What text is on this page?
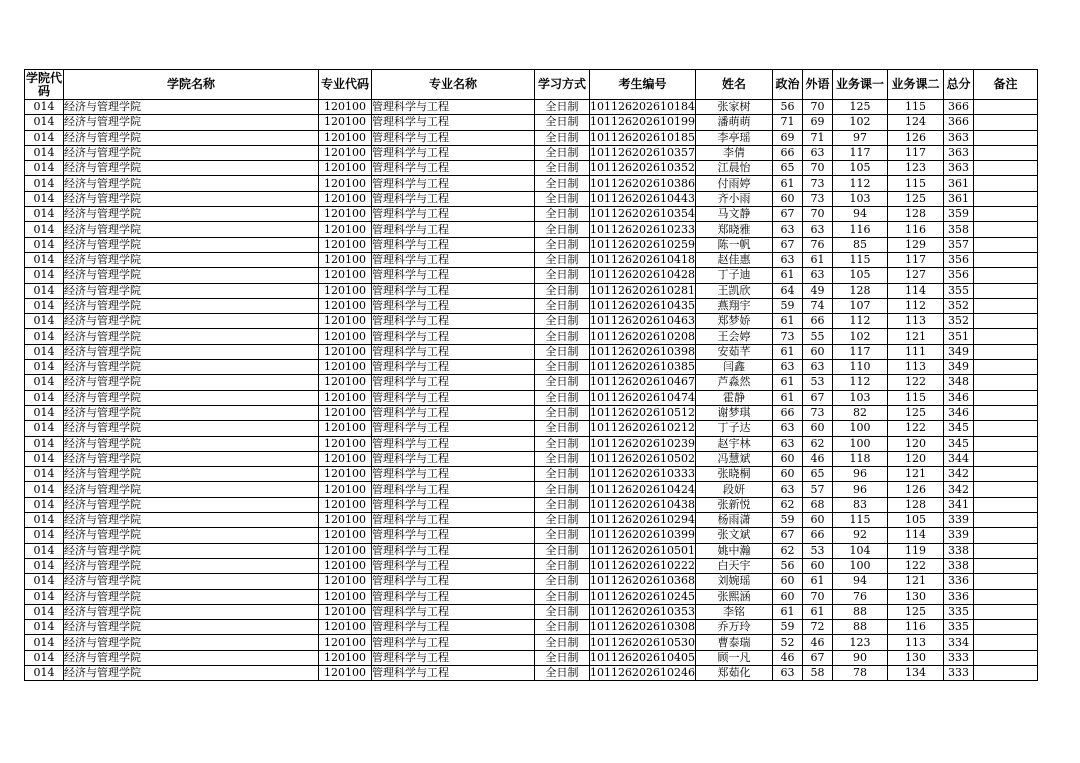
学院代码	学院名称	专业代码	专业名称	学习方式	考生编号	姓名	政治	外语	业务课一	业务课二	总分	备注
014	经济与管理学院	120100	管理科学与工程	全日制	101126202610184	张家树	56	70	125	115	366	
014	经济与管理学院	120100	管理科学与工程	全日制	101126202610199	潘萌萌	71	69	102	124	366	
014	经济与管理学院	120100	管理科学与工程	全日制	101126202610185	李亭瑶	69	71	97	126	363	
014	经济与管理学院	120100	管理科学与工程	全日制	101126202610357	李倩	66	63	117	117	363	
014	经济与管理学院	120100	管理科学与工程	全日制	101126202610352	江晨怡	65	70	105	123	363	
014	经济与管理学院	120100	管理科学与工程	全日制	101126202610386	付雨婷	61	73	112	115	361	
014	经济与管理学院	120100	管理科学与工程	全日制	101126202610443	齐小雨	60	73	103	125	361	
014	经济与管理学院	120100	管理科学与工程	全日制	101126202610354	马文静	67	70	94	128	359	
014	经济与管理学院	120100	管理科学与工程	全日制	101126202610233	郑晓雅	63	63	116	116	358	
014	经济与管理学院	120100	管理科学与工程	全日制	101126202610259	陈一帆	67	76	85	129	357	
014	经济与管理学院	120100	管理科学与工程	全日制	101126202610418	赵佳惠	63	61	115	117	356	
014	经济与管理学院	120100	管理科学与工程	全日制	101126202610428	丁子迪	61	63	105	127	356	
014	经济与管理学院	120100	管理科学与工程	全日制	101126202610281	王凯欣	64	49	128	114	355	
014	经济与管理学院	120100	管理科学与工程	全日制	101126202610435	燕翔宇	59	74	107	112	352	
014	经济与管理学院	120100	管理科学与工程	全日制	101126202610463	郑梦娇	61	66	112	113	352	
014	经济与管理学院	120100	管理科学与工程	全日制	101126202610208	王会婷	73	55	102	121	351	
014	经济与管理学院	120100	管理科学与工程	全日制	101126202610398	安茹芊	61	60	117	111	349	
014	经济与管理学院	120100	管理科学与工程	全日制	101126202610385	闫鑫	63	63	110	113	349	
014	经济与管理学院	120100	管理科学与工程	全日制	101126202610467	芦淼然	61	53	112	122	348	
014	经济与管理学院	120100	管理科学与工程	全日制	101126202610474	霍静	61	67	103	115	346	
014	经济与管理学院	120100	管理科学与工程	全日制	101126202610512	谢梦琪	66	73	82	125	346	
014	经济与管理学院	120100	管理科学与工程	全日制	101126202610212	丁子达	63	60	100	122	345	
014	经济与管理学院	120100	管理科学与工程	全日制	101126202610239	赵宇林	63	62	100	120	345	
014	经济与管理学院	120100	管理科学与工程	全日制	101126202610502	冯慧斌	60	46	118	120	344	
014	经济与管理学院	120100	管理科学与工程	全日制	101126202610333	张晓桐	60	65	96	121	342	
014	经济与管理学院	120100	管理科学与工程	全日制	101126202610424	段妍	63	57	96	126	342	
014	经济与管理学院	120100	管理科学与工程	全日制	101126202610438	张新悦	62	68	83	128	341	
014	经济与管理学院	120100	管理科学与工程	全日制	101126202610294	杨雨潇	59	60	115	105	339	
014	经济与管理学院	120100	管理科学与工程	全日制	101126202610399	张文斌	67	66	92	114	339	
014	经济与管理学院	120100	管理科学与工程	全日制	101126202610501	姚中瀚	62	53	104	119	338	
014	经济与管理学院	120100	管理科学与工程	全日制	101126202610222	白天宇	56	60	100	122	338	
014	经济与管理学院	120100	管理科学与工程	全日制	101126202610368	刘婉瑶	60	61	94	121	336	
014	经济与管理学院	120100	管理科学与工程	全日制	101126202610245	张熙涵	60	70	76	130	336	
014	经济与管理学院	120100	管理科学与工程	全日制	101126202610353	李铭	61	61	88	125	335	
014	经济与管理学院	120100	管理科学与工程	全日制	101126202610308	乔万玲	59	72	88	116	335	
014	经济与管理学院	120100	管理科学与工程	全日制	101126202610530	曹泰瑞	52	46	123	113	334	
014	经济与管理学院	120100	管理科学与工程	全日制	101126202610405	顾一凡	46	67	90	130	333	
014	经济与管理学院	120100	管理科学与工程	全日制	101126202610246	郑茹化	63	58	78	134	333	
